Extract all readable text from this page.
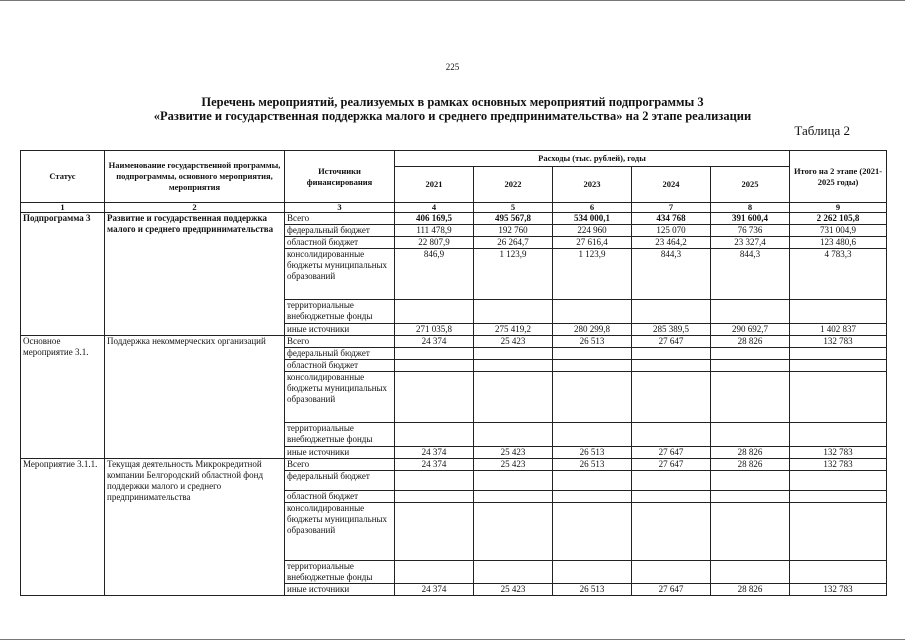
225
Перечень мероприятий, реализуемых в рамках основных мероприятий подпрограммы 3
«Развитие и государственная поддержка малого и среднего предпринимательства» на 2 этапе реализации
Таблица 2
Статус	Наименование государственной программы, подпрограммы, основного мероприятия, мероприятия	Источники финансирования	Расходы (тыс. рублей), годы					Итого на 2 этапе (2021-2025 годы)
			2021	2022	2023	2024	2025	
1	2	3	4	5	6	7	8	9
Подпрограмма 3	Развитие и государственная поддержка малого и среднего предпринимательства	Всего	406 169,5	495 567,8	534 000,1	434 768	391 600,4	2 262 105,8
		федеральный бюджет	111 478,9	192 760	224 960	125 070	76 736	731 004,9
		областной бюджет	22 807,9	26 264,7	27 616,4	23 464,2	23 327,4	123 480,6
		консолидированные бюджеты муниципальных образований	846,9	1 123,9	1 123,9	844,3	844,3	4 783,3
		территориальные внебюджетные фонды						
		иные источники	271 035,8	275 419,2	280 299,8	285 389,5	290 692,7	1 402 837
Основное мероприятие 3.1.	Поддержка некоммерческих организаций	Всего	24 374	25 423	26 513	27 647	28 826	132 783
		федеральный бюджет						
		областной бюджет						
		консолидированные бюджеты муниципальных образований						
		территориальные внебюджетные фонды						
		иные источники	24 374	25 423	26 513	27 647	28 826	132 783
Мероприятие 3.1.1.	Текущая деятельность Микрокредитной компании Белгородский областной фонд поддержки малого и среднего предпринимательства	Всего	24 374	25 423	26 513	27 647	28 826	132 783
		федеральный бюджет						
		областной бюджет						
		консолидированные бюджеты муниципальных образований						
		территориальные внебюджетные фонды						
		иные источники	24 374	25 423	26 513	27 647	28 826	132 783
